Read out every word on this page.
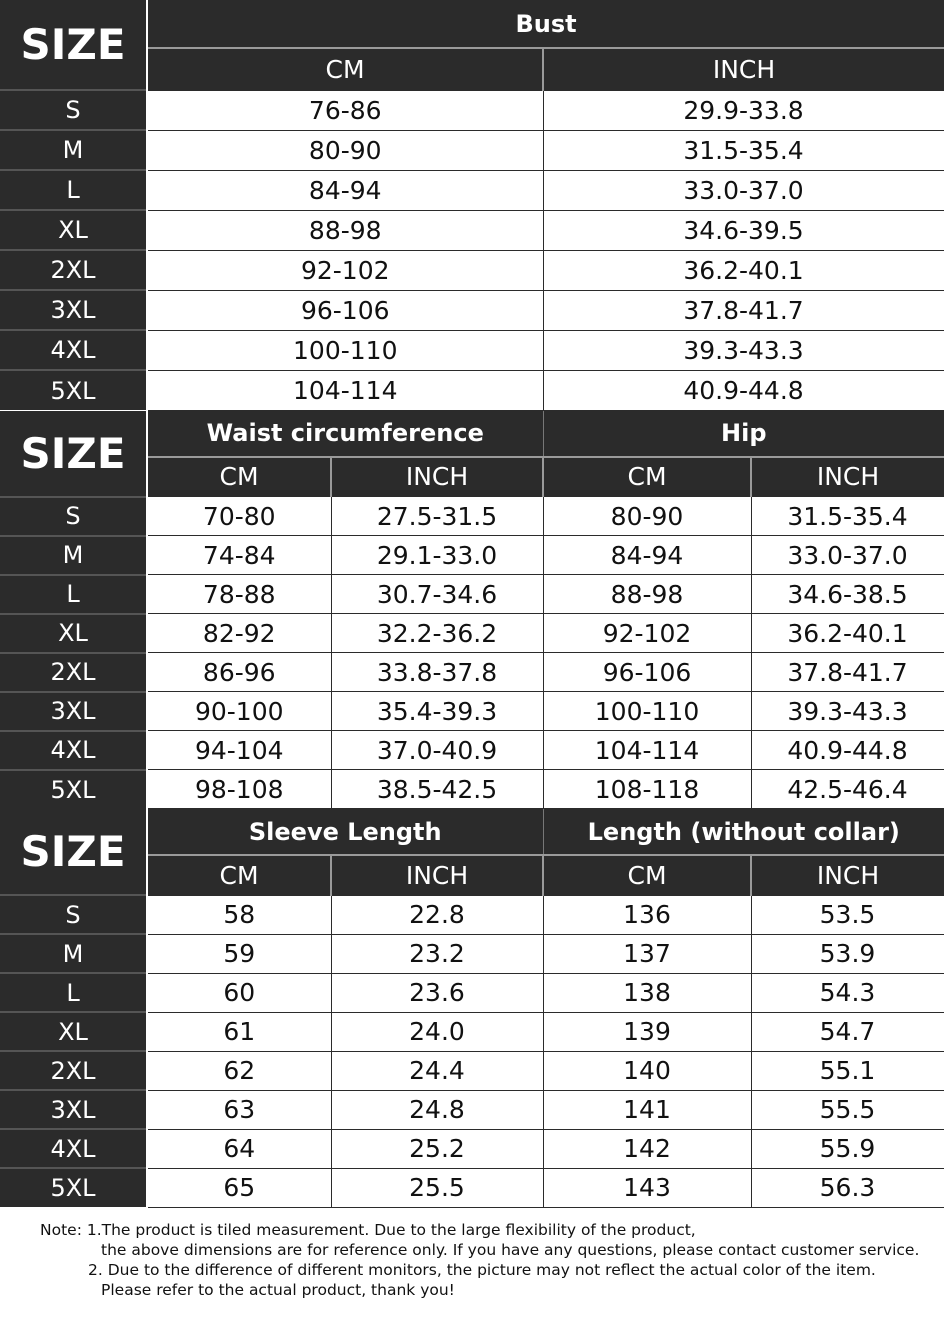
SIZE	Bust	
	CM	INCH
S	76-86	29.9-33.8
M	80-90	31.5-35.4
L	84-94	33.0-37.0
XL	88-98	34.6-39.5
2XL	92-102	36.2-40.1
3XL	96-106	37.8-41.7
4XL	100-110	39.3-43.3
5XL	104-114	40.9-44.8
SIZE	Waist circumference		Hip	
	CM	INCH	CM	INCH
S	70-80	27.5-31.5	80-90	31.5-35.4
M	74-84	29.1-33.0	84-94	33.0-37.0
L	78-88	30.7-34.6	88-98	34.6-38.5
XL	82-92	32.2-36.2	92-102	36.2-40.1
2XL	86-96	33.8-37.8	96-106	37.8-41.7
3XL	90-100	35.4-39.3	100-110	39.3-43.3
4XL	94-104	37.0-40.9	104-114	40.9-44.8
5XL	98-108	38.5-42.5	108-118	42.5-46.4
SIZE	Sleeve Length		Length (without collar)	
	CM	INCH	CM	INCH
S	58	22.8	136	53.5
M	59	23.2	137	53.9
L	60	23.6	138	54.3
XL	61	24.0	139	54.7
2XL	62	24.4	140	55.1
3XL	63	24.8	141	55.5
4XL	64	25.2	142	55.9
5XL	65	25.5	143	56.3
Note: 1.The product is tiled measurement. Due to the large flexibility of the product,
the above dimensions are for reference only. If you have any questions, please contact customer service.
2. Due to the difference of different monitors, the picture may not reflect the actual color of the item.
Please refer to the actual product, thank you!
